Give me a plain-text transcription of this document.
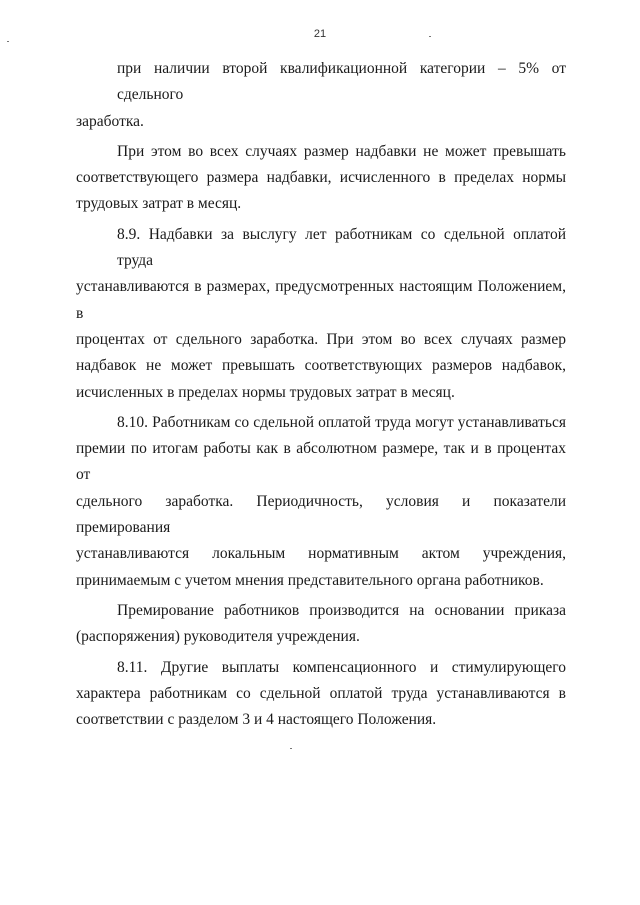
21

при наличии второй квалификационной категории – 5% от сдельного
заработка.

При этом во всех случаях размер надбавки не может превышать
соответствующего размера надбавки, исчисленного в пределах нормы
трудовых затрат в месяц.

8.9. Надбавки за выслугу лет работникам со сдельной оплатой труда
устанавливаются в размерах, предусмотренных настоящим Положением, в
процентах от сдельного заработка. При этом во всех случаях размер
надбавок не может превышать соответствующих размеров надбавок,
исчисленных в пределах нормы трудовых затрат в месяц.

8.10. Работникам со сдельной оплатой труда могут устанавливаться
премии по итогам работы как в абсолютном размере, так и в процентах от
сдельного заработка. Периодичность, условия и показатели премирования
устанавливаются локальным нормативным актом учреждения,
принимаемым с учетом мнения представительного органа работников.

Премирование работников производится на основании приказа
(распоряжения) руководителя учреждения.

8.11. Другие выплаты компенсационного и стимулирующего
характера работникам со сдельной оплатой труда устанавливаются в
соответствии с разделом 3 и 4 настоящего Положения.
